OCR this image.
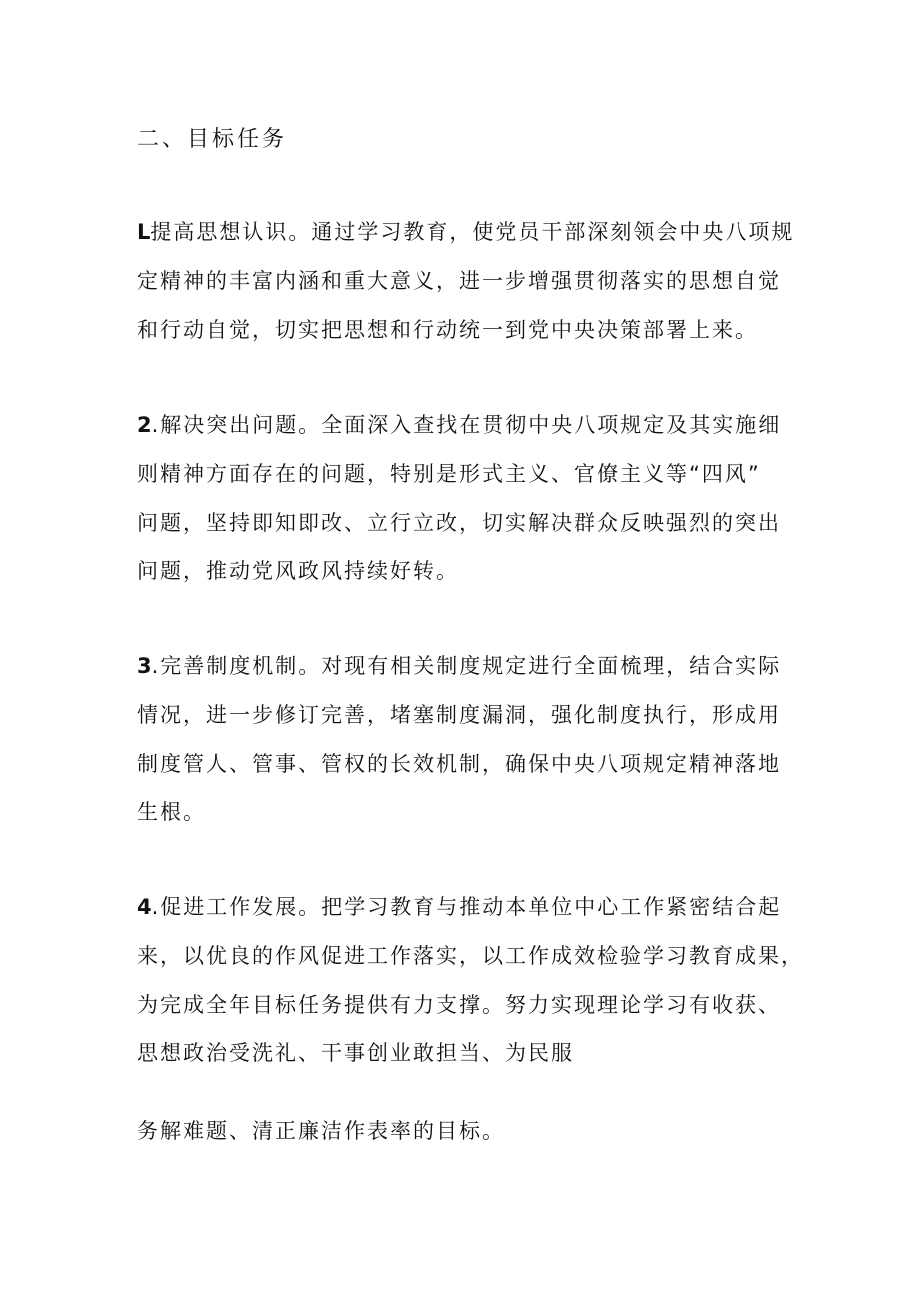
二、目标任务

L提高思想认识。通过学习教育，使党员干部深刻领会中央八项规

定精神的丰富内涵和重大意义，进一步增强贯彻落实的思想自觉

和行动自觉，切实把思想和行动统一到党中央决策部署上来。

2.解决突出问题。全面深入查找在贯彻中央八项规定及其实施细

则精神方面存在的问题，特别是形式主义、官僚主义等“四风”

问题，坚持即知即改、立行立改，切实解决群众反映强烈的突出

问题，推动党风政风持续好转。

3.完善制度机制。对现有相关制度规定进行全面梳理，结合实际

情况，进一步修订完善，堵塞制度漏洞，强化制度执行，形成用

制度管人、管事、管权的长效机制，确保中央八项规定精神落地

生根。

4.促进工作发展。把学习教育与推动本单位中心工作紧密结合起

来，以优良的作风促进工作落实，以工作成效检验学习教育成果，

为完成全年目标任务提供有力支撑。努力实现理论学习有收获、

思想政治受洗礼、干事创业敢担当、为民服

务解难题、清正廉洁作表率的目标。
